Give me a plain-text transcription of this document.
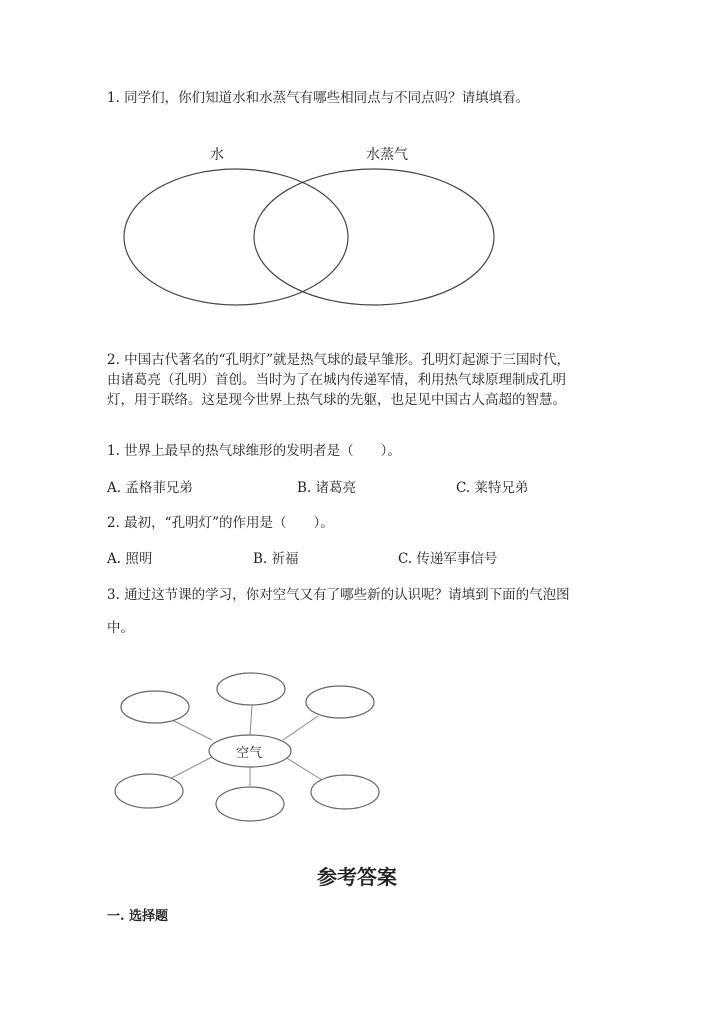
1. 同学们，你们知道水和水蒸气有哪些相同点与不同点吗？请填填看。
水	水蒸气
2. 中国古代著名的“孔明灯”就是热气球的最早雏形。孔明灯起源于三国时代，由诸葛亮（孔明）首创。当时为了在城内传递军情，利用热气球原理制成孔明灯，用于联络。这是现今世界上热气球的先躯，也足见中国古人高超的智慧。
1. 世界上最早的热气球维形的发明者是（　　）。
A. 孟格菲兄弟	B. 诸葛亮	C. 莱特兄弟
2. 最初，“孔明灯”的作用是（　　）。
A. 照明	B. 祈福	C. 传递军事信号
3. 通过这节课的学习，你对空气又有了哪些新的认识呢？请填到下面的气泡图
中。
空气
参考答案
一. 选择题
